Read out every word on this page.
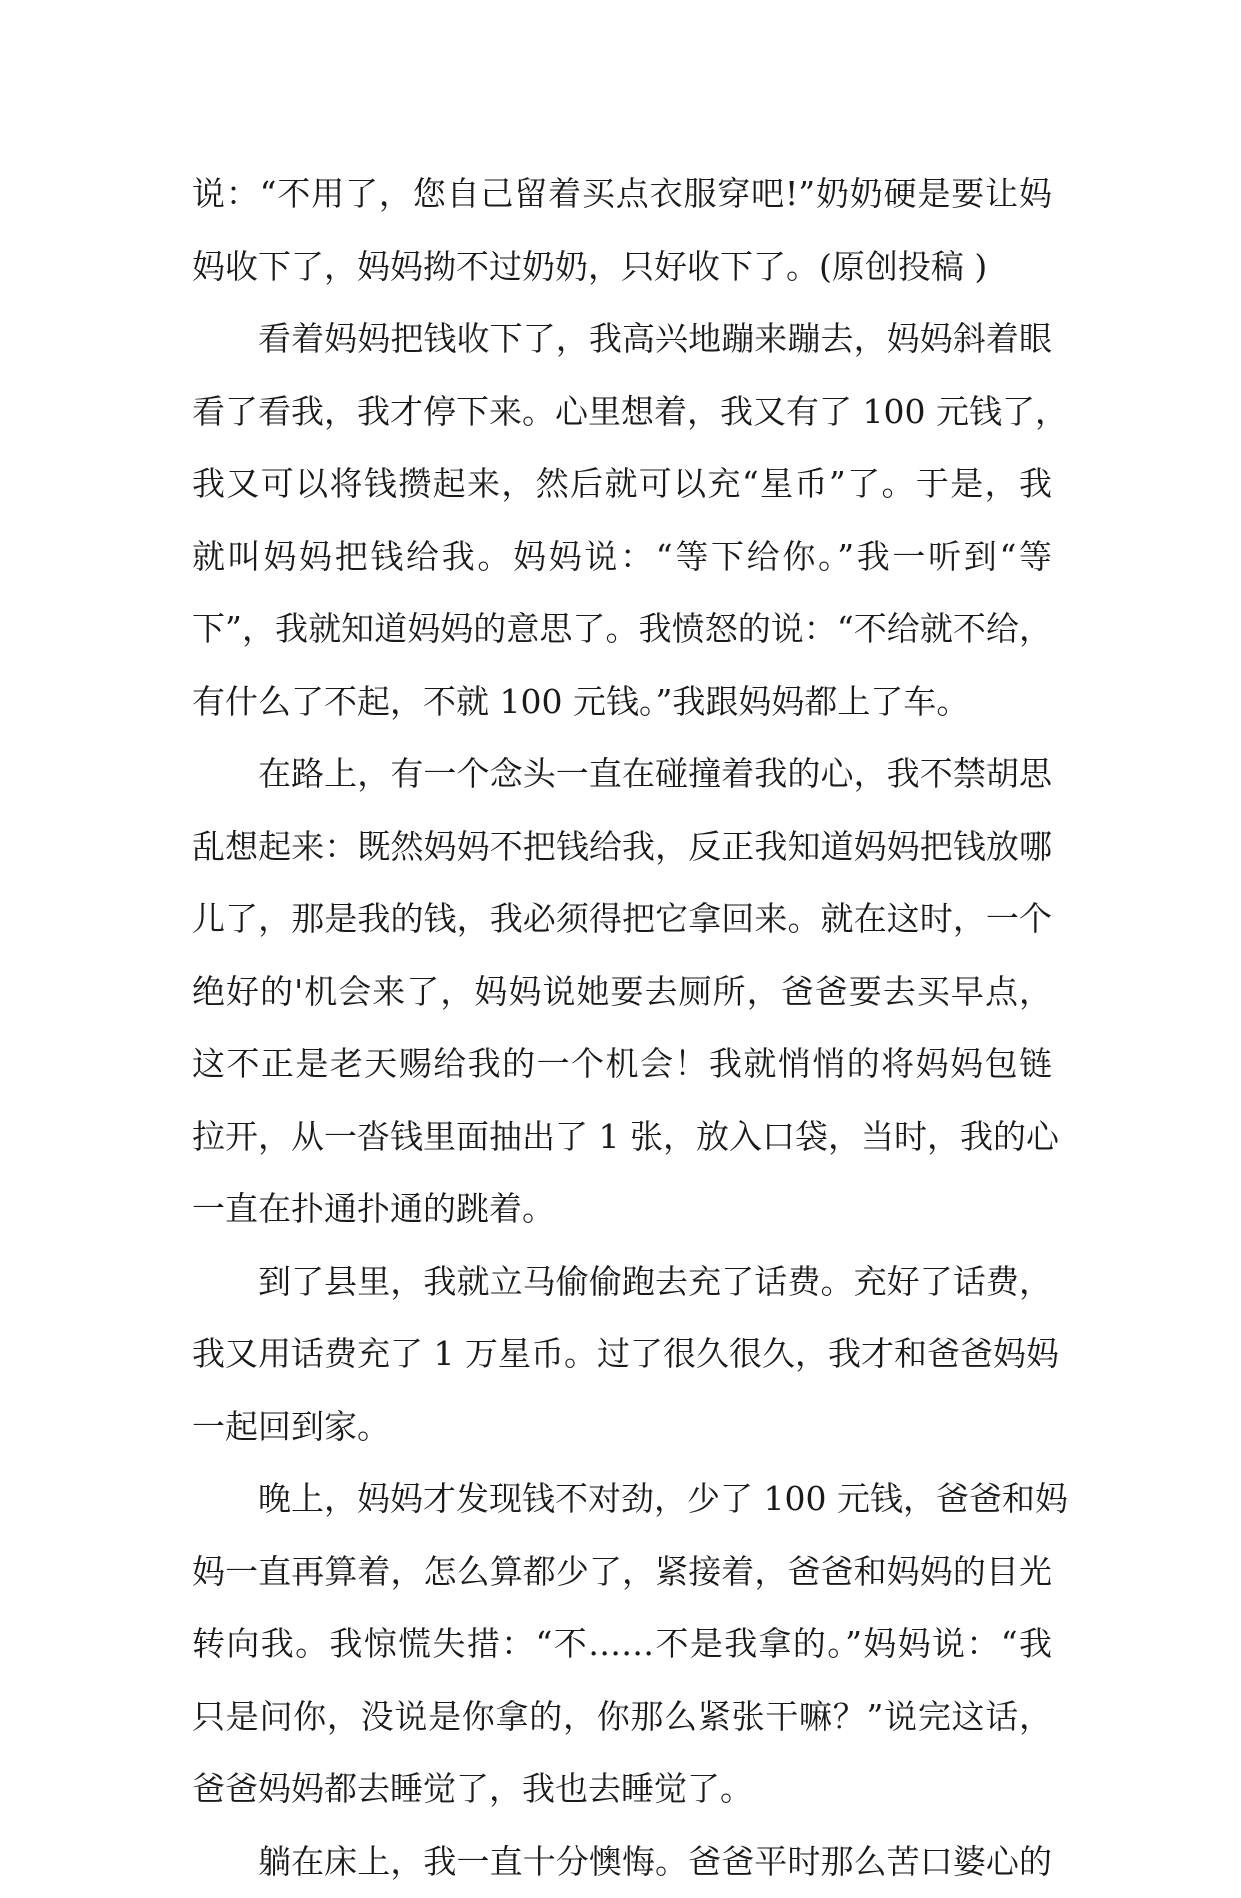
说：“不用了，您自己留着买点衣服穿吧!”奶奶硬是要让妈
妈收下了，妈妈拗不过奶奶，只好收下了。(原创投稿 )
看着妈妈把钱收下了，我高兴地蹦来蹦去，妈妈斜着眼
看了看我，我才停下来。心里想着，我又有了 100 元钱了，
我又可以将钱攒起来，然后就可以充“星币”了。于是，我
就叫妈妈把钱给我。妈妈说：“等下给你。”我一听到“等
下”，我就知道妈妈的意思了。我愤怒的说：“不给就不给，
有什么了不起，不就 100 元钱。”我跟妈妈都上了车。
在路上，有一个念头一直在碰撞着我的心，我不禁胡思
乱想起来：既然妈妈不把钱给我，反正我知道妈妈把钱放哪
儿了，那是我的钱，我必须得把它拿回来。就在这时，一个
绝好的'机会来了，妈妈说她要去厕所，爸爸要去买早点，
这不正是老天赐给我的一个机会！我就悄悄的将妈妈包链
拉开，从一沓钱里面抽出了 1 张，放入口袋，当时，我的心
一直在扑通扑通的跳着。
到了县里，我就立马偷偷跑去充了话费。充好了话费，
我又用话费充了 1 万星币。过了很久很久，我才和爸爸妈妈
一起回到家。
晚上，妈妈才发现钱不对劲，少了 100 元钱，爸爸和妈
妈一直再算着，怎么算都少了，紧接着，爸爸和妈妈的目光
转向我。我惊慌失措：“不……不是我拿的。”妈妈说：“我
只是问你，没说是你拿的，你那么紧张干嘛？”说完这话，
爸爸妈妈都去睡觉了，我也去睡觉了。
躺在床上，我一直十分懊悔。爸爸平时那么苦口婆心的
